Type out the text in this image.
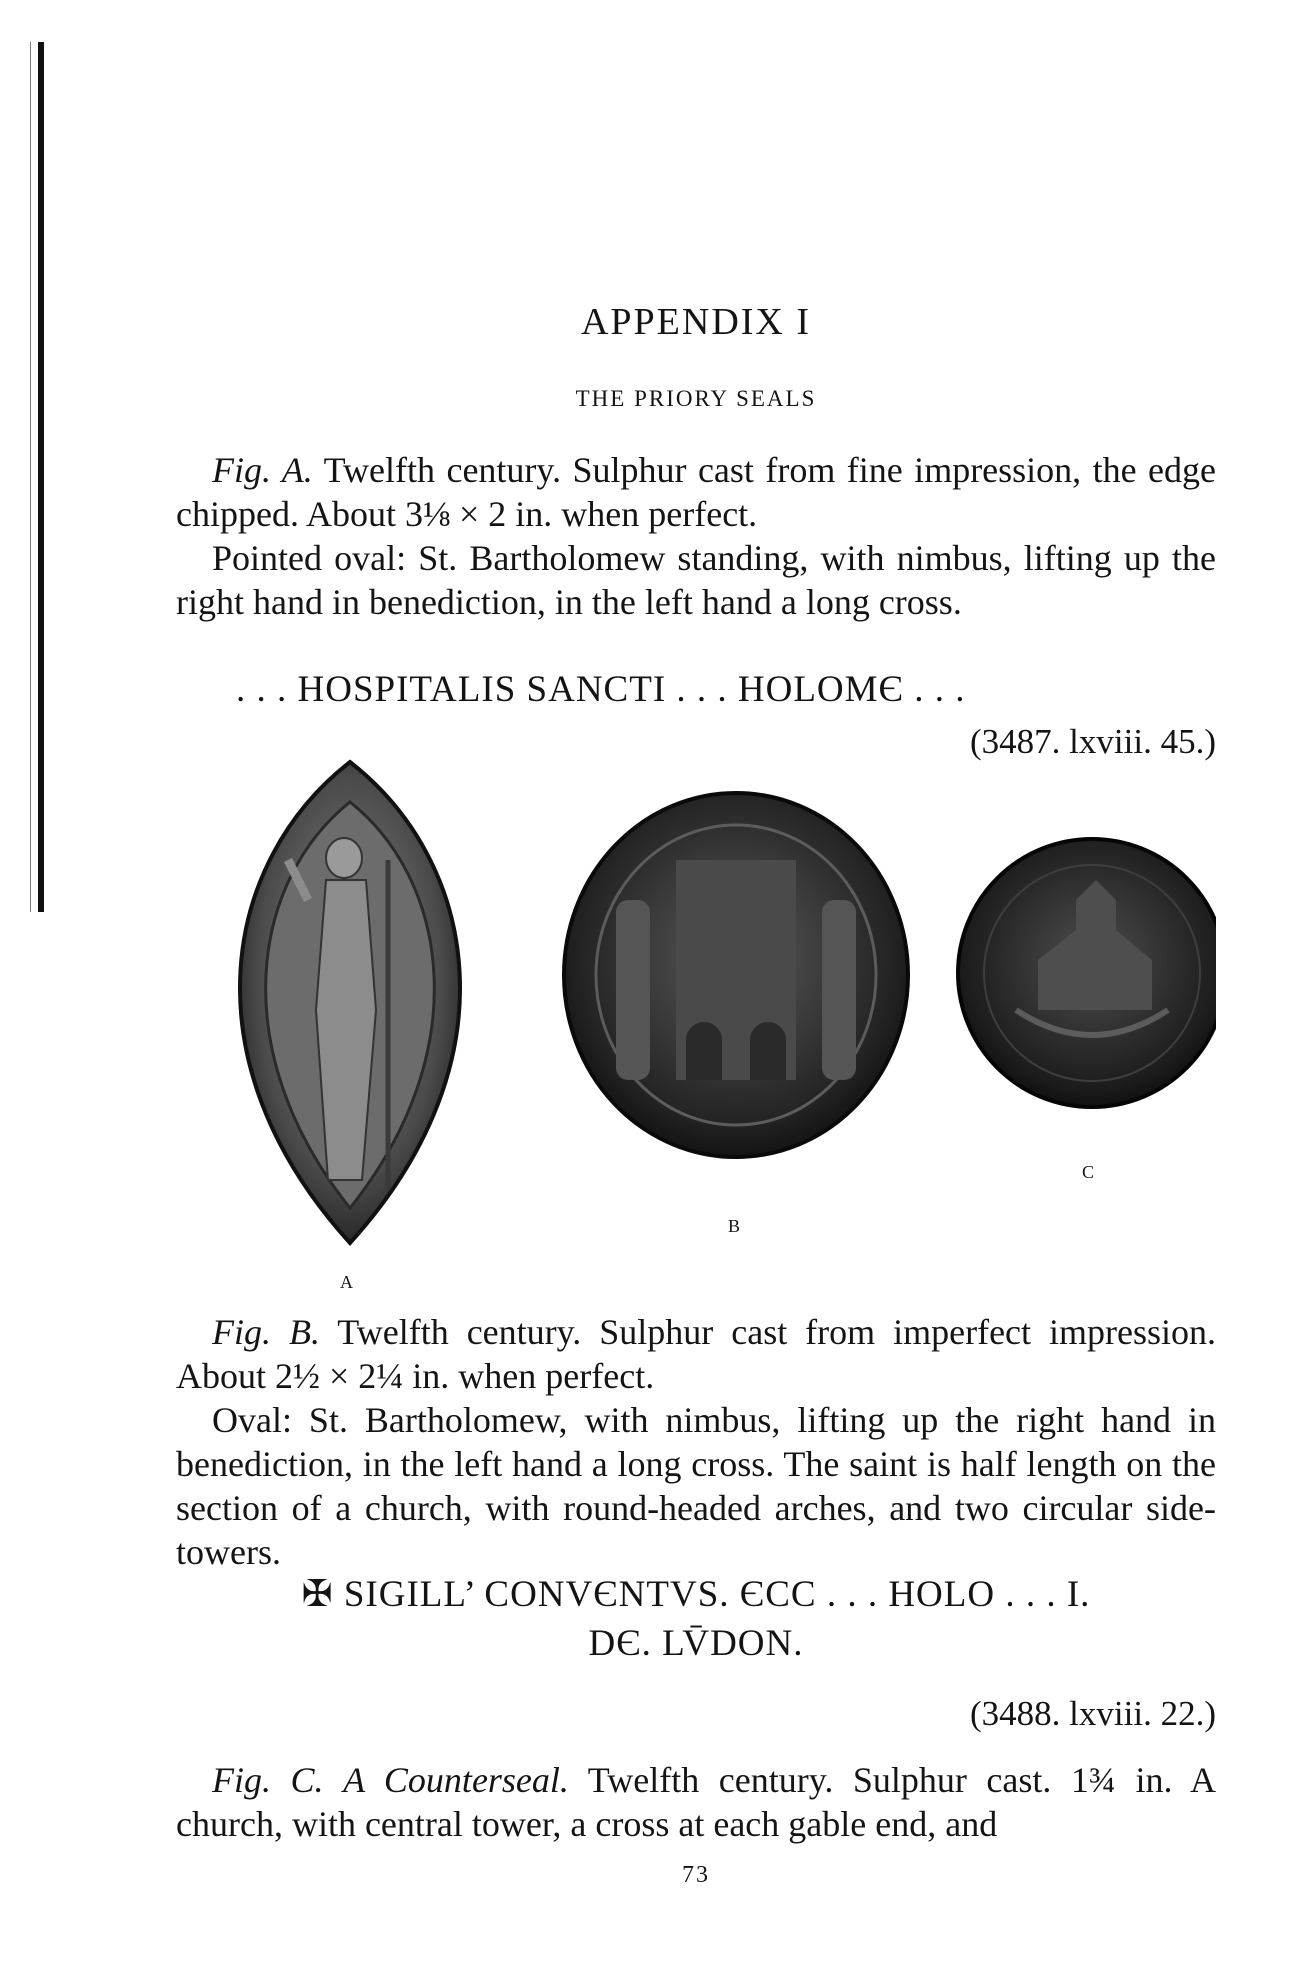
APPENDIX I
THE PRIORY SEALS
Fig. A. Twelfth century. Sulphur cast from fine impression, the edge chipped. About 3⅛ × 2 in. when perfect.
Pointed oval: St. Bartholomew standing, with nimbus, lifting up the right hand in benediction, in the left hand a long cross.
. . . HOSPITALIS SANCTI . . . HOLOMЄ . . .
(3487. lxviii. 45.)
A
B
C
Fig. B. Twelfth century. Sulphur cast from imperfect impression. About 2½ × 2¼ in. when perfect.
Oval: St. Bartholomew, with nimbus, lifting up the right hand in benediction, in the left hand a long cross. The saint is half length on the section of a church, with round-headed arches, and two circular side-towers.
✠ SIGILL’ CONVЄNTVS. ЄCC . . . HOLO . . . I.
DЄ. LV̄DON.
(3488. lxviii. 22.)
Fig. C. A Counterseal. Twelfth century. Sulphur cast. 1¾ in. A church, with central tower, a cross at each gable end, and
73
